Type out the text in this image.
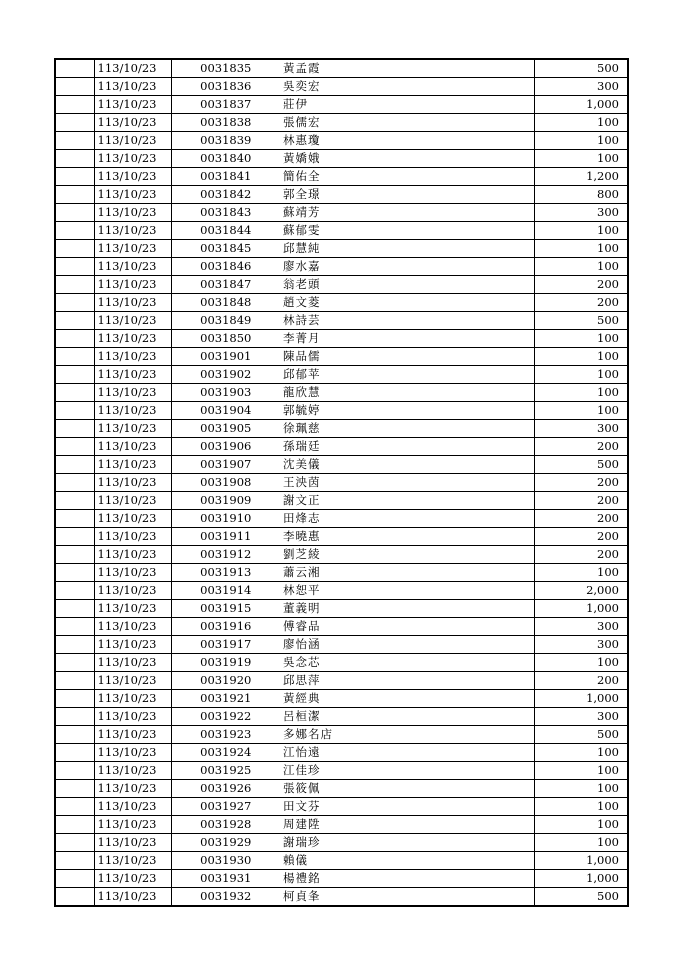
	113/10/23	0031835	黃孟霞	500
	113/10/23	0031836	吳奕宏	300
	113/10/23	0031837	莊伊	1,000
	113/10/23	0031838	張儒宏	100
	113/10/23	0031839	林惠瓊	100
	113/10/23	0031840	黃嬌娥	100
	113/10/23	0031841	簡佑全	1,200
	113/10/23	0031842	郭全璟	800
	113/10/23	0031843	蘇靖芳	300
	113/10/23	0031844	蘇郁雯	100
	113/10/23	0031845	邱慧純	100
	113/10/23	0031846	廖水嘉	100
	113/10/23	0031847	翁老頭	200
	113/10/23	0031848	趙文菱	200
	113/10/23	0031849	林詩芸	500
	113/10/23	0031850	李菁月	100
	113/10/23	0031901	陳品儒	100
	113/10/23	0031902	邱郁苹	100
	113/10/23	0031903	龍欣慧	100
	113/10/23	0031904	郭毓婷	100
	113/10/23	0031905	徐珮慈	300
	113/10/23	0031906	孫瑞廷	200
	113/10/23	0031907	沈美儀	500
	113/10/23	0031908	王泱茵	200
	113/10/23	0031909	謝文正	200
	113/10/23	0031910	田烽志	200
	113/10/23	0031911	李曉惠	200
	113/10/23	0031912	劉芝綾	200
	113/10/23	0031913	蕭云湘	100
	113/10/23	0031914	林恕平	2,000
	113/10/23	0031915	董義明	1,000
	113/10/23	0031916	傅睿品	300
	113/10/23	0031917	廖怡涵	300
	113/10/23	0031919	吳念芯	100
	113/10/23	0031920	邱思萍	200
	113/10/23	0031921	黃經典	1,000
	113/10/23	0031922	呂桓潔	300
	113/10/23	0031923	多娜名店	500
	113/10/23	0031924	江怡遠	100
	113/10/23	0031925	江佳珍	100
	113/10/23	0031926	張筱佩	100
	113/10/23	0031927	田文芬	100
	113/10/23	0031928	周建陞	100
	113/10/23	0031929	謝瑞珍	100
	113/10/23	0031930	賴儀	1,000
	113/10/23	0031931	楊禮銘	1,000
	113/10/23	0031932	柯貞夆	500
